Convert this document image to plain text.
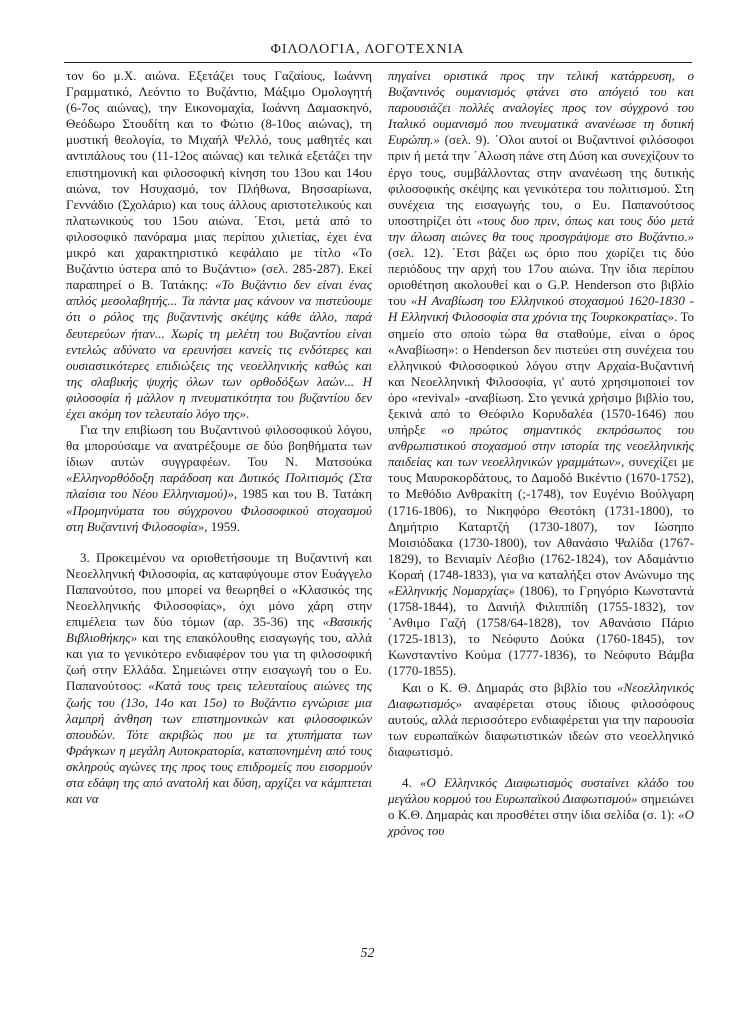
ΦΙΛΟΛΟΓΙΑ, ΛΟΓΟΤΕΧΝΙΑ

τον 6ο μ.Χ. αιώνα. Εξετάζει τους Γαζαίους, Ιωάννη Γραμματικό, Λεόντιο το Βυζάντιο, Μάξιμο Ομολογητή (6-7ος αιώνας), την Εικονομαχία, Ιωάννη Δαμασκηνό, Θεόδωρο Στουδίτη και το Φώτιο (8-10ος αιώνας), τη μυστική θεολογία, το Μιχαήλ Ψελλό, τους μαθητές και αντιπάλους του (11-12ος αιώνας) και τελικά εξετάζει την επιστημονική και φιλοσοφική κίνηση του 13ου και 14ου αιώνα, τον Ησυχασμό, τον Πλήθωνα, Βησσαρίωνα, Γεννάδιο (Σχολάριο) και τους άλλους αριστοτελικούς και πλατωνικούς του 15ου αιώνα. ΄Ετσι, μετά από το φιλοσοφικό πανόραμα μιας περίπου χιλιετίας, έχει ένα μικρό και χαρακτηριστικό κεφάλαιο με τίτλο «Το Βυζάντιο ύστερα από το Βυζάντιο» (σελ. 285-287). Εκεί παραπηρεί ο Β. Τατάκης: «Το Βυζάντιο δεν είναι ένας απλός μεσολαβητής... Τα πάντα μας κάνουν να πιστεύουμε ότι ο ρόλος της βυζαντινής σκέψης κάθε άλλο, παρά δευτερεύων ήταν... Χωρίς τη μελέτη του Βυζαντίου είναι εντελώς αδύνατο να ερευνήσει κανείς τις ενδότερες και ουσιαστικότερες επιδιώξεις της νεοελληνικής καθώς και της σλαβικής ψυχής όλων των ορθοδόξων λαών... Η φιλοσοφία ή μάλλον η πνευματικότητα του βυζαντίου δεν έχει ακόμη τον τελευταίο λόγο της».

Για την επιβίωση του Βυζαντινού φιλοσοφικού λόγου, θα μπορούσαμε να ανατρέξουμε σε δύο βοηθήματα των ίδιων αυτών συγγραφέων. Του Ν. Ματσούκα «Ελληνορθόδοξη παράδοση και Δυτικός Πολιτισμός (Στα πλαίσια του Νέου Ελληνισμού)», 1985 και του Β. Τατάκη «Προμηνύματα του σύγχρονου Φιλοσοφικού στοχασμού στη Βυζαντινή Φιλοσοφία», 1959.

3. Προκειμένου να οριοθετήσουμε τη Βυζαντινή και Νεοελληνική Φιλοσοφία, ας καταφύγουμε στον Ευάγγελο Παπανούτσο, που μπορεί να θεωρηθεί ο «Κλασικός της Νεοελληνικής Φιλοσοφίας», όχι μόνο χάρη στην επιμέλεια των δύο τόμων (αρ. 35-36) της «Βασικής Βιβλιοθήκης» και της επακόλουθης εισαγωγής του, αλλά και για το γενικότερο ενδιαφέρον του για τη φιλοσοφική ζωή στην Ελλάδα. Σημειώνει στην εισαγωγή του ο Ευ. Παπανούτσος: «Κατά τους τρεις τελευταίους αιώνες της ζωής του (13ο, 14ο και 15ο) το Βυζάντιο εγνώρισε μια λαμπρή άνθηση των επιστημονικών και φιλοσοφικών σπουδών. Τότε ακριβώς που με τα χτυπήματα των Φράγκων η μεγάλη Αυτοκρατορία, καταπονημένη από τους σκληρούς αγώνες της προς τους επιδρομείς που εισορμούν στα εδάφη της από ανατολή και δύση, αρχίζει να κάμπτεται και να

πηγαίνει οριστικά προς την τελική κατάρρευση, ο Βυζαντινός ουμανισμός φτάνει στο απόγειό του και παρουσιάζει πολλές αναλογίες προς τον σύγχρονό του Ιταλικό ουμανισμό που πνευματικά ανανέωσε τη δυτική Ευρώπη.» (σελ. 9). ΄Ολοι αυτοί οι Βυζαντινοί φιλόσοφοι πριν ή μετά την ΄Αλωση πάνε στη Δύση και συνεχίζουν το έργο τους, συμβάλλοντας στην ανανέωση της δυτικής φιλοσοφικής σκέψης και γενικότερα του πολιτισμού. Στη συνέχεια της εισαγωγής του, ο Ευ. Παπανούτσος υποστηρίζει ότι «τους δυο πριν, όπως και τους δύο μετά την άλωση αιώνες θα τους προσγράψομε στο Βυζάντιο.» (σελ. 12). ΄Ετσι βάζει ως όριο που χωρίζει τις δύο περιόδους την αρχή του 17ου αιώνα. Την ίδια περίπου οριοθέτηση ακολουθεί και ο G.P. Henderson στο βιβλίο του «Η Αναβίωση του Ελληνικού στοχασμού 1620-1830 - Η Ελληνική Φιλοσοφία στα χρόνια της Τουρκοκρατίας». Το σημείο στο οποίο τώρα θα σταθούμε, είναι ο όρος «Αναβίωση»: ο Henderson δεν πιστεύει στη συνέχεια του ελληνικού Φιλοσοφικού λόγου στην Αρχαία-Βυζαντινή και Νεοελληνική Φιλοσοφία, γι' αυτό χρησιμοποιεί τον όρο «revival» -αναβίωση. Στο γενικά χρήσιμο βιβλίο του, ξεκινά από το Θεόφιλο Κορυδαλέα (1570-1646) που υπήρξε «ο πρώτος σημαντικός εκπρόσωπος του ανθρωπιστικού στοχασμού στην ιστορία της νεοελληνικής παιδείας και των νεοελληνικών γραμμάτων», συνεχίζει με τους Μαυροκορδάτους, το Δαμοδό Βικέντιο (1670-1752), το Μεθόδιο Ανθρακίτη (;-1748), τον Ευγένιο Βούλγαρη (1716-1806), το Νικηφόρο Θεοτόκη (1731-1800), το Δημήτριο Καταρτζή (1730-1807), τον Ιώσηπο Μοισιόδακα (1730-1800), τον Αθανάσιο Ψαλίδα (1767-1829), το Βενιαμίν Λέσβιο (1762-1824), τον Αδαμάντιο Κοραή (1748-1833), για να καταλήξει στον Ανώνυμο της «Ελληνικής Νομαρχίας» (1806), το Γρηγόριο Κωνσταντά (1758-1844), το Δανιήλ Φιλιππίδη (1755-1832), τον ΄Ανθιμο Γαζή (1758/64-1828), τον Αθανάσιο Πάριο (1725-1813), το Νεόφυτο Δούκα (1760-1845), τον Κωνσταντίνο Κούμα (1777-1836), το Νεόφυτο Βάμβα (1770-1855).

Και ο Κ. Θ. Δημαράς στο βιβλίο του «Νεοελληνικός Διαφωτισμός» αναφέρεται στους ίδιους φιλοσόφους αυτούς, αλλά περισσότερο ενδιαφέρεται για την παρουσία των ευρωπαϊκών διαφωτιστικών ιδεών στο νεοελληνικό διαφωτισμό.

4. «Ο Ελληνικός Διαφωτισμός συσταίνει κλάδο του μεγάλου κορμού του Ευρωπαϊκού Διαφωτισμού» σημειώνει ο Κ.Θ. Δημαράς και προσθέτει στην ίδια σελίδα (σ. 1): «Ο χρόνος του

52
